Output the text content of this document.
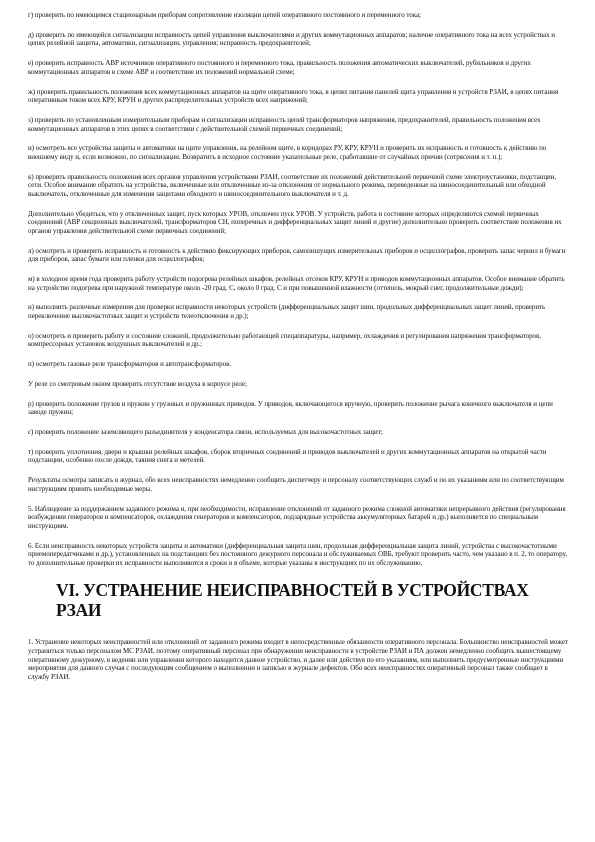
г) проверить по имеющимся стационарным приборам сопротивление изоляции цепей оперативного постоянного и переменного тока;

д) проверить по имеющейся сигнализации исправность цепей управления выключателями и других коммутационных аппаратов; наличие оперативного тока на всех устройствах и цепях релейной защиты, автоматики, сигнализации, управления; исправность предохранителей;

е) проверить исправность АВР источников оперативного постоянного и переменного тока, правильность положения автоматических выключателей, рубильников и других коммутационных аппаратов в схеме АВР и соответствие их положений нормальной схеме;

ж) проверить правильность положения всех коммутационных аппаратов на щите оперативного тока, в цепях питания панелей щита управления и устройств РЗАИ, в цепях питания оперативным током всех КРУ, КРУН и других распределительных устройств всех напряжений;

з) проверить по установленным измерительным приборам и сигнализации исправность цепей трансформаторов напряжения, предохранителей, правильность положения всех коммутационных аппаратов в этих цепях в соответствии с действительной схемой первичных соединений;

и) осмотреть все устройства защиты и автоматики на щите управления, на релейном щите, в коридорах РУ, КРУ, КРУН и проверить их исправность и готовность к действию по внешнему виду и, если возможно, по сигнализации. Возвратить в исходное состояние указательные реле, сработавшие от случайных причин (сотрясения и т. п.);

к) проверить правильность положения всех органов управления устройствами РЗАИ, соответствие их положений действительной первичной схеме электроустановки, подстанции, сети. Особое внимание обратить на устройства, включенные или отключенные из-за отклонения от нормального режима, переведенные на шиносоединительный или обходной выключатель, отключенные для изменения защитами обходного и шиносоединительного выключателя и т. д.

Дополнительно убедиться, что у отключенных защит, пуск которых УРОВ, отключен пуск УРОВ. У устройств, работа и состояние которых определяются схемой первичных соединений (АВР секционных выключателей, трансформаторов СН, поперечных и дифференциальных защит линий и другие) дополнительно проверить соответствие положения их органов управления действительной схеме первичных соединений;

л) осмотреть и проверить исправность и готовность к действию фиксирующих приборов, самопишущих измерительных приборов и осциллографов, проверить запас чернил и бумаги для приборов, запас бумаги или пленки для осциллографов;

м) в холодное время года проверить работу устройств подогрева релейных шкафов, релейных отсеков КРУ, КРУН и приводов коммутационных аппаратов. Особое внимание обратить на устройство подогрева при наружной температуре около -20 град. С, около 0 град. С и при повышенной влажности (оттепель, мокрый снег, продолжительные дожди);

н) выполнить различные измерения для проверки исправности некоторых устройств (дифференциальных защит шин, продольных дифференциальных защит линий, проверить переключение высокочастотных защит и устройств телеотключения и др.);

о) осмотреть и проверить работу и состояние сложной, продолжительно работающей спецаппаратуры, например, охлаждения и регулирования напряжения трансформаторов, компрессорных установок воздушных выключателей и др.;

п) осмотреть газовые реле трансформаторов и автотрансформаторов.

У реле со смотровым окном проверить отсутствие воздуха в корпусе реле;

р) проверить положение грузов и пружин у грузовых и пружинных приводов. У приводов, включающегося вручную, проверить положение рычага конечного выключателя и цепи заводе пружин;

с) проверить положение заземляющего разъединителя у конденсатора связи, используемых для высокочастотных защит;

т) проверить уплотнения, двери и крышки релейных шкафов, сборок вторичных соединений и приводов выключателей и других коммутационных аппаратов на открытой части подстанции, особенно после дождя, таяния снега и метелей.

Результаты осмотра записать в журнал, обо всех неисправностях немедленно сообщить диспетчеру и персоналу соответствующих служб и по их указаниям или по соответствующим инструкциям принять необходимые меры.

5. Наблюдение за поддержанием заданного режима и, при необходимости, исправление отклонений от заданного режима сложной автоматики непрерывного действия (регулирования возбуждения генераторов и компенсаторов, охлаждения генераторов и компенсаторов, подзарядные устройства аккумуляторных батарей и др.) выполняется по специальным инструкциям.

6. Если неисправность некоторых устройств защиты и автоматики (дифференциальная защита шин, продольная дифференциальная защита линий, устройства с высокочастотными приемопередатчиками и др.), установленных на подстанциях без постоянного дежурного персонала и обслуживаемых ОВБ, требуют проверить часто, чем указано в п. 2, то оператору, то дополнительные проверки их исправности выполняются в сроки и в объеме, которые указаны в инструкциях по их обслуживанию.

VI. УСТРАНЕНИЕ НЕИСПРАВНОСТЕЙ В УСТРОЙСТВАХ РЗАИ

1. Устранение некоторых неисправностей или отклонений от заданного режима входит в непосредственные обязанности оперативного персонала. Большинство неисправностей может устраниться только персоналом МС РЗАИ, поэтому оперативный персонал при обнаружении неисправности в устройстве РЗАИ и ПА должен немедленно сообщить вышестоящему оперативному дежурному, в ведении или управлении которого находится данное устройство, и далее или действуя по его указаниям, или выполнить предусмотренные инструкциями мероприятия для данного случая с последующим сообщением о выполнении и записью в журнале дефектов. Обо всех неисправностях оперативный персонал также сообщает в службу РЗАИ.
